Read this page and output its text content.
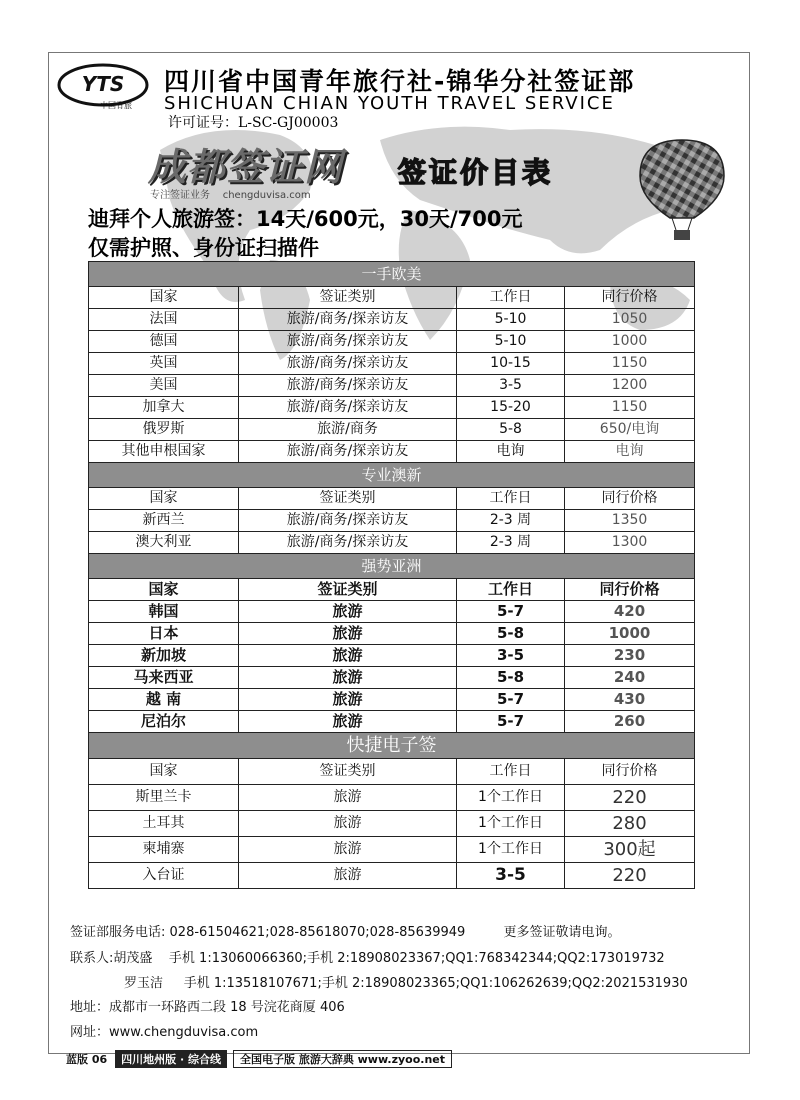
YTS
中国青旅
四川省中国青年旅行社-锦华分社签证部
SHICHUAN CHIAN YOUTH TRAVEL SERVICE
许可证号：L-SC-GJ00003
成都签证网
专注签证业务 chengduvisa.com
签证价目表
迪拜个人旅游签：14天/600元，30天/700元
仅需护照、身份证扫描件
一手欧美			
国家	签证类别	工作日	同行价格
法国	旅游/商务/探亲访友	5-10	1050
德国	旅游/商务/探亲访友	5-10	1000
英国	旅游/商务/探亲访友	10-15	1150
美国	旅游/商务/探亲访友	3-5	1200
加拿大	旅游/商务/探亲访友	15-20	1150
俄罗斯	旅游/商务	5-8	650/电询
其他申根国家	旅游/商务/探亲访友	电询	电询
专业澳新			
国家	签证类别	工作日	同行价格
新西兰	旅游/商务/探亲访友	2-3 周	1350
澳大利亚	旅游/商务/探亲访友	2-3 周	1300
强势亚洲			
国家	签证类别	工作日	同行价格
韩国	旅游	5-7	420
日本	旅游	5-8	1000
新加坡	旅游	3-5	230
马来西亚	旅游	5-8	240
越 南	旅游	5-7	430
尼泊尔	旅游	5-7	260
快捷电子签			
国家	签证类别	工作日	同行价格
斯里兰卡	旅游	1个工作日	220
土耳其	旅游	1个工作日	280
柬埔寨	旅游	1个工作日	300起
入台证	旅游	3-5	220
签证部服务电话: 028-61504621;028-85618070;028-85639949	更多签证敬请电询。
联系人:胡茂盛 手机 1:13060066360;手机 2:18908023367;QQ1:768342344;QQ2:173019732
罗玉洁 手机 1:13518107671;手机 2:18908023365;QQ1:106262639;QQ2:2021531930
地址：成都市一环路西二段 18 号浣花商厦 406
网址：www.chengduvisa.com
蓝版 06	四川地州版 · 综合线	全国电子版 旅游大辞典 www.zyoo.net
